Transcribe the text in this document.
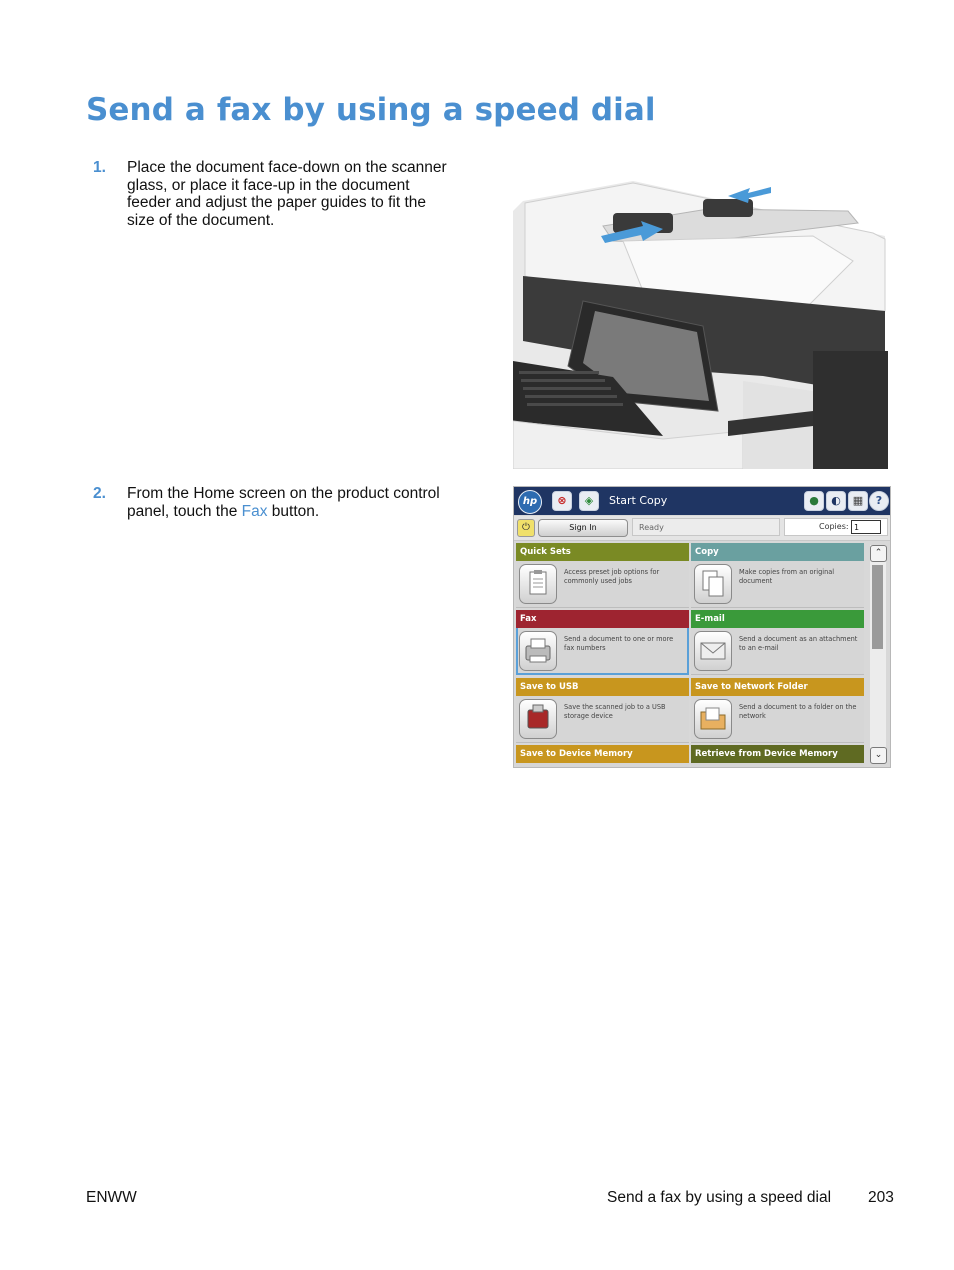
Send a fax by using a speed dial
1. Place the document face-down on the scanner glass, or place it face-up in the document feeder and adjust the paper guides to fit the size of the document.
2. From the Home screen on the product control panel, touch the Fax button.
hp	⊗	◈	Start Copy	●	◐	▦	?
⏻	Sign In	Ready	Copies: 1
Quick Sets
Access preset job options for commonly used jobs
Copy
Make copies from an original document
Fax
Send a document to one or more fax numbers
E-mail
Send a document as an attachment to an e-mail
Save to USB
Save the scanned job to a USB storage device
Save to Network Folder
Send a document to a folder on the network
Save to Device Memory	Retrieve from Device Memory
⌃
⌄
ENWW	Send a fax by using a speed dial 203
